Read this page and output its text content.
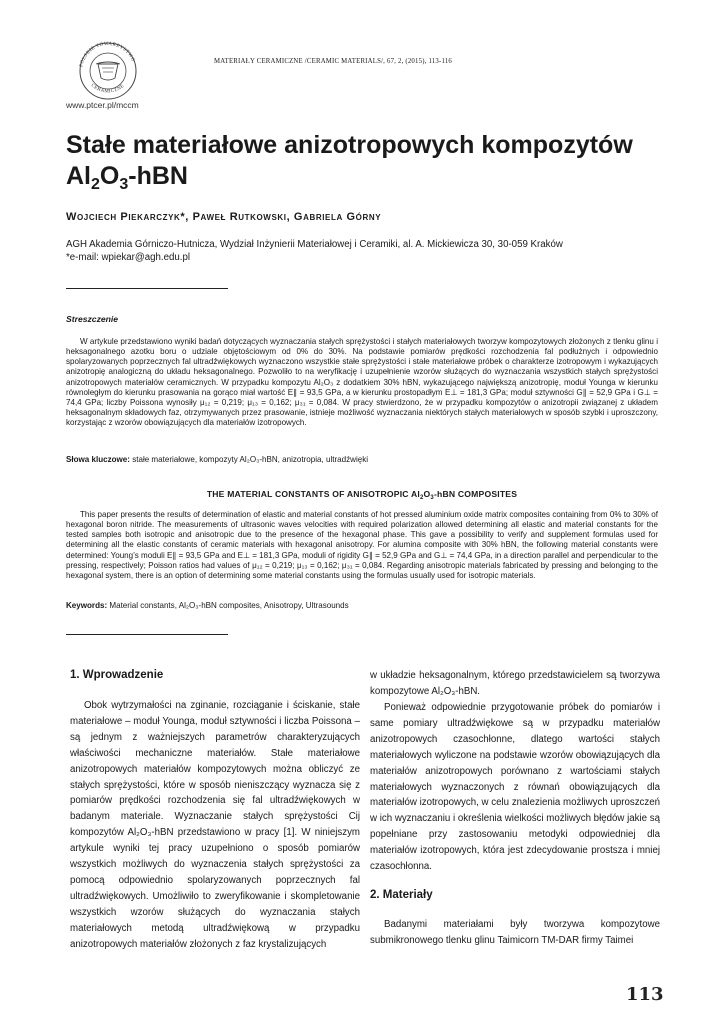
POLSKIE TOWARZYSTWO
CERAMICZNE
www.ptcer.pl/mccm
MATERIAŁY CERAMICZNE /CERAMIC MATERIALS/, 67, 2, (2015), 113-116
Stałe materiałowe anizotropowych kompozytów
$Al_2O_3$-hBN
Wojciech Piekarczyk*, Paweł Rutkowski, Gabriela Górny
AGH Akademia Górniczo-Hutnicza, Wydział Inżynierii Materiałowej i Ceramiki, al. A. Mickiewicza 30, 30-059 Kraków
*e-mail: wpiekar@agh.edu.pl
Streszczenie

W artykule przedstawiono wyniki badań dotyczących wyznaczania stałych sprężystości i stałych materiałowych tworzyw kompozytowych złożonych z tlenku glinu i heksagonalnego azotku boru o udziale objętościowym od 0% do 30%. Na podstawie pomiarów prędkości rozchodzenia fal podłużnych i odpowiednio spolaryzowanych poprzecznych fal ultradźwiękowych wyznaczono wszystkie stałe sprężystości i stałe materiałowe próbek o charakterze izotropowym i wykazujących anizotropię analogiczną do układu heksagonalnego. Pozwoliło to na weryfikację i uzupełnienie wzorów służących do wyznaczania wszystkich stałych sprężystości anizotropowych materiałów ceramicznych. W przypadku kompozytu Al₂O₃ z dodatkiem 30% hBN, wykazującego największą anizotropię, moduł Younga w kierunku równoległym do kierunku prasowania na gorąco miał wartość E∥ = 93,5 GPa, a w kierunku prostopadłym E⊥ = 181,3 GPa; moduł sztywności G∥ = 52,9 GPa i G⊥ = 74,4 GPa; liczby Poissona wynosiły μ₁₂ = 0,219; μ₁₃ = 0,162; μ₃₁ = 0,084. W pracy stwierdzono, że w przypadku kompozytów o anizotropii związanej z układem heksagonalnym składowych faz, otrzymywanych przez prasowanie, istnieje możliwość wyznaczania niektórych stałych materiałowych w sposób szybki i uproszczony, korzystając z wzorów obowiązujących dla materiałów izotropowych.

Słowa kluczowe: stałe materiałowe, kompozyty Al₂O₃-hBN, anizotropia, ultradźwięki
THE MATERIAL CONSTANTS OF ANISOTROPIC $Al_2O_3$-hBN COMPOSITES

This paper presents the results of determination of elastic and material constants of hot pressed aluminium oxide matrix composites containing from 0% to 30% of hexagonal boron nitride. The measurements of ultrasonic waves velocities with required polarization allowed determining all elastic and material constants for the tested samples both isotropic and anisotropic due to the presence of the hexagonal phase. This gave a possibility to verify and supplement formulas used for determining all the elastic constants of ceramic materials with hexagonal anisotropy. For alumina composite with 30% hBN, the following material constants were determined: Young’s moduli E∥ = 93,5 GPa and E⊥ = 181,3 GPa, moduli of rigidity G∥ = 52,9 GPa and G⊥ = 74,4 GPa, in a direction parallel and perpendicular to the pressing, respectively; Poisson ratios had values of μ₁₂ = 0,219; μ₁₃ = 0,162; μ₃₁ = 0,084. Regarding anisotropic materials fabricated by pressing and belonging to the hexagonal system, there is an option of determining some material constants using the formulas usually used for isotropic materials.

Keywords: Material constants, Al₂O₃-hBN composites, Anisotropy, Ultrasounds
1. Wprowadzenie

Obok wytrzymałości na zginanie, rozciąganie i ściskanie, stałe materiałowe – moduł Younga, moduł sztywności i liczba Poissona – są jednym z ważniejszych parametrów charakteryzujących właściwości mechaniczne materiałów. Stałe materiałowe anizotropowych materiałów kompozytowych można obliczyć ze stałych sprężystości, które w sposób nieniszczący wyznacza się z pomiarów prędkości rozchodzenia się fal ultradźwiękowych w badanym materiale. Wyznaczanie stałych sprężystości Cij kompozytów Al₂O₃-hBN przedstawiono w pracy [1]. W niniejszym artykule wyniki tej pracy uzupełniono o sposób pomiarów wszystkich możliwych do wyznaczenia stałych sprężystości za pomocą odpowiednio spolaryzowanych poprzecznych fal ultradźwiękowych. Umożliwiło to zweryfikowanie i skompletowanie wszystkich wzorów służących do wyznaczania stałych materiałowych metodą ultradźwiękową w przypadku anizotropowych materiałów złożonych z faz krystalizujących

w układzie heksagonalnym, którego przedstawicielem są tworzywa kompozytowe Al₂O₃-hBN.

Ponieważ odpowiednie przygotowanie próbek do pomiarów i same pomiary ultradźwiękowe są w przypadku materiałów anizotropowych czasochłonne, dlatego wartości stałych materiałowych wyliczone na podstawie wzorów obowiązujących dla materiałów anizotropowych porównano z wartościami stałych materiałowych wyznaczonych z równań obowiązujących dla materiałów izotropowych, w celu znalezienia możliwych uproszczeń w ich wyznaczaniu i określenia wielkości możliwych błędów jakie są popełniane przy zastosowaniu metodyki odpowiedniej dla materiałów izotropowych, która jest zdecydowanie prostsza i mniej czasochłonna.

2. Materiały

Badanymi materiałami były tworzywa kompozytowe submikronowego tlenku glinu Taimicorn TM-DAR firmy Taimei

113
